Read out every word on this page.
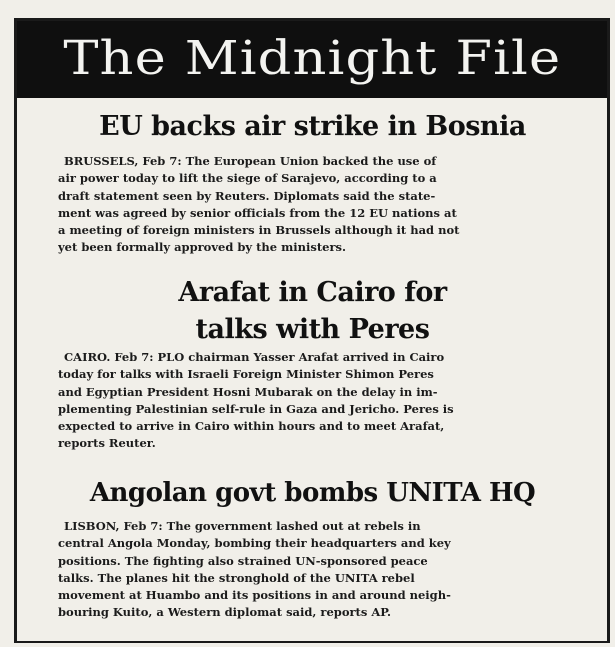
The Midnight File
EU backs air strike in Bosnia
BRUSSELS, Feb 7: The European Union backed the use of
air power today to lift the siege of Sarajevo, according to a
draft statement seen by Reuters. Diplomats said the state-
ment was agreed by senior officials from the 12 EU nations at
a meeting of foreign ministers in Brussels although it had not
yet been formally approved by the ministers.
Arafat in Cairo for
talks with Peres
CAIRO. Feb 7: PLO chairman Yasser Arafat arrived in Cairo
today for talks with Israeli Foreign Minister Shimon Peres
and Egyptian President Hosni Mubarak on the delay in im-
plementing Palestinian self-rule in Gaza and Jericho. Peres is
expected to arrive in Cairo within hours and to meet Arafat,
reports Reuter.
Angolan govt bombs UNITA HQ
LISBON, Feb 7: The government lashed out at rebels in
central Angola Monday, bombing their headquarters and key
positions. The fighting also strained UN-sponsored peace
talks. The planes hit the stronghold of the UNITA rebel
movement at Huambo and its positions in and around neigh-
bouring Kuito, a Western diplomat said, reports AP.
